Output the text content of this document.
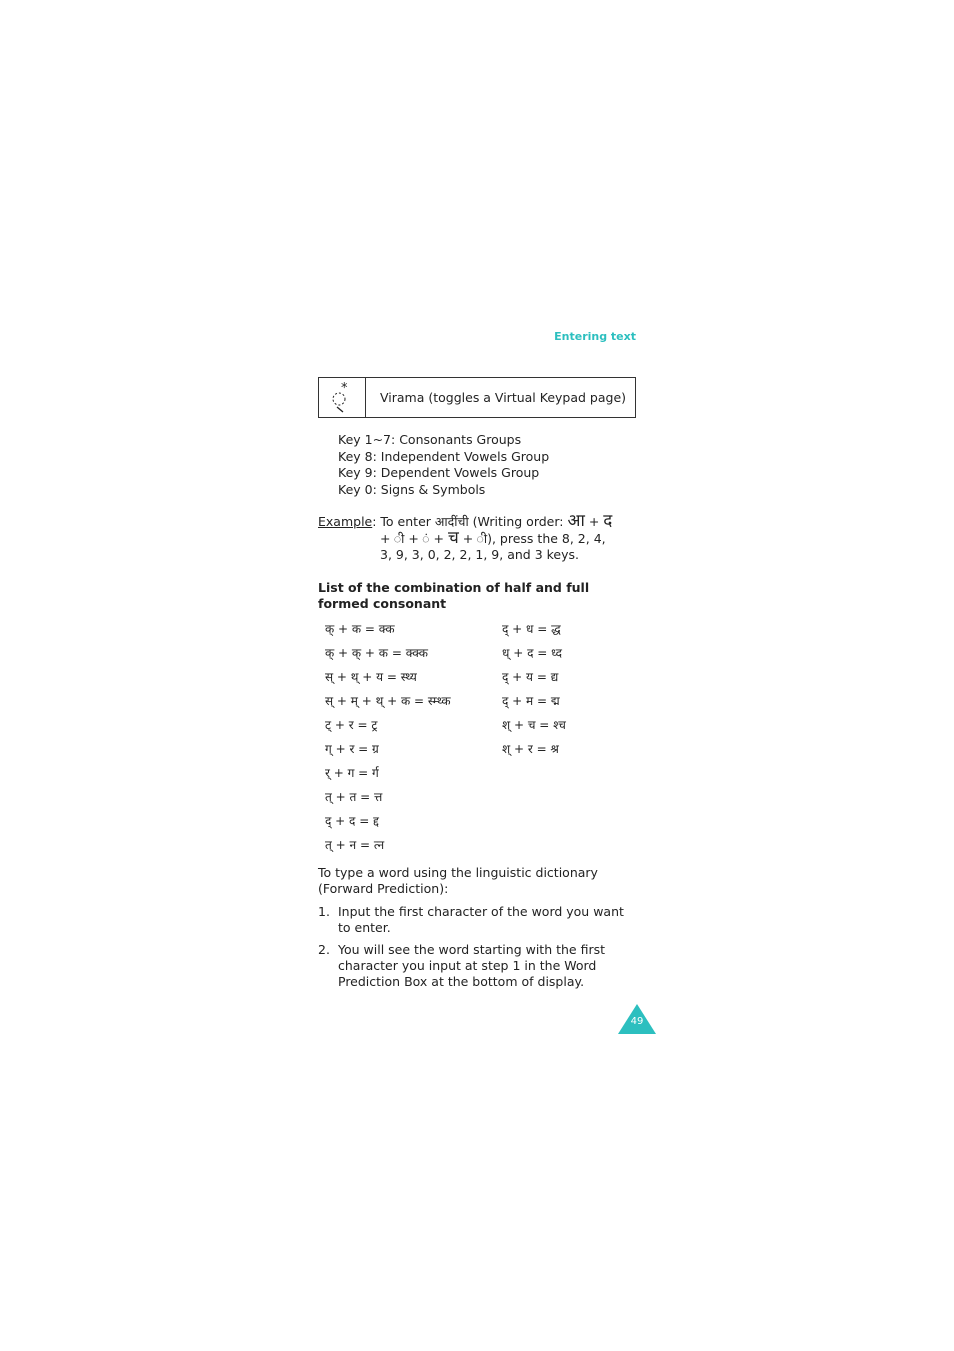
Entering text
*
Virama (toggles a Virtual Keypad page)
Key 1~7: Consonants Groups
Key 8: Independent Vowels Group
Key 9: Dependent Vowels Group
Key 0: Signs & Symbols
Example: To enter आदींची (Writing order: आ + द
+ + + च + ), press the 8, 2, 4,
3, 9, 3, 0, 2, 2, 1, 9, and 3 keys.
List of the combination of half and full formed consonant
क् + क = क्क
क् + क् + क = क्क्क
स् + थ् + य = स्थ्य
स् + म् + थ् + क = स्म्थ्क
ट् + र = ट्र
ग् + र = ग्र
र् + ग = र्ग
त् + त = त्त
द् + द = द्द
त् + न = त्न
द् + ध = द्ध
ध् + द = ध्द
द् + य = द्य
द् + म = द्म
श् + च = श्च
श् + र = श्र
To type a word using the linguistic dictionary (Forward Prediction):
1. Input the first character of the word you want to enter.
2. You will see the word starting with the first character you input at step 1 in the Word Prediction Box at the bottom of display.
49
